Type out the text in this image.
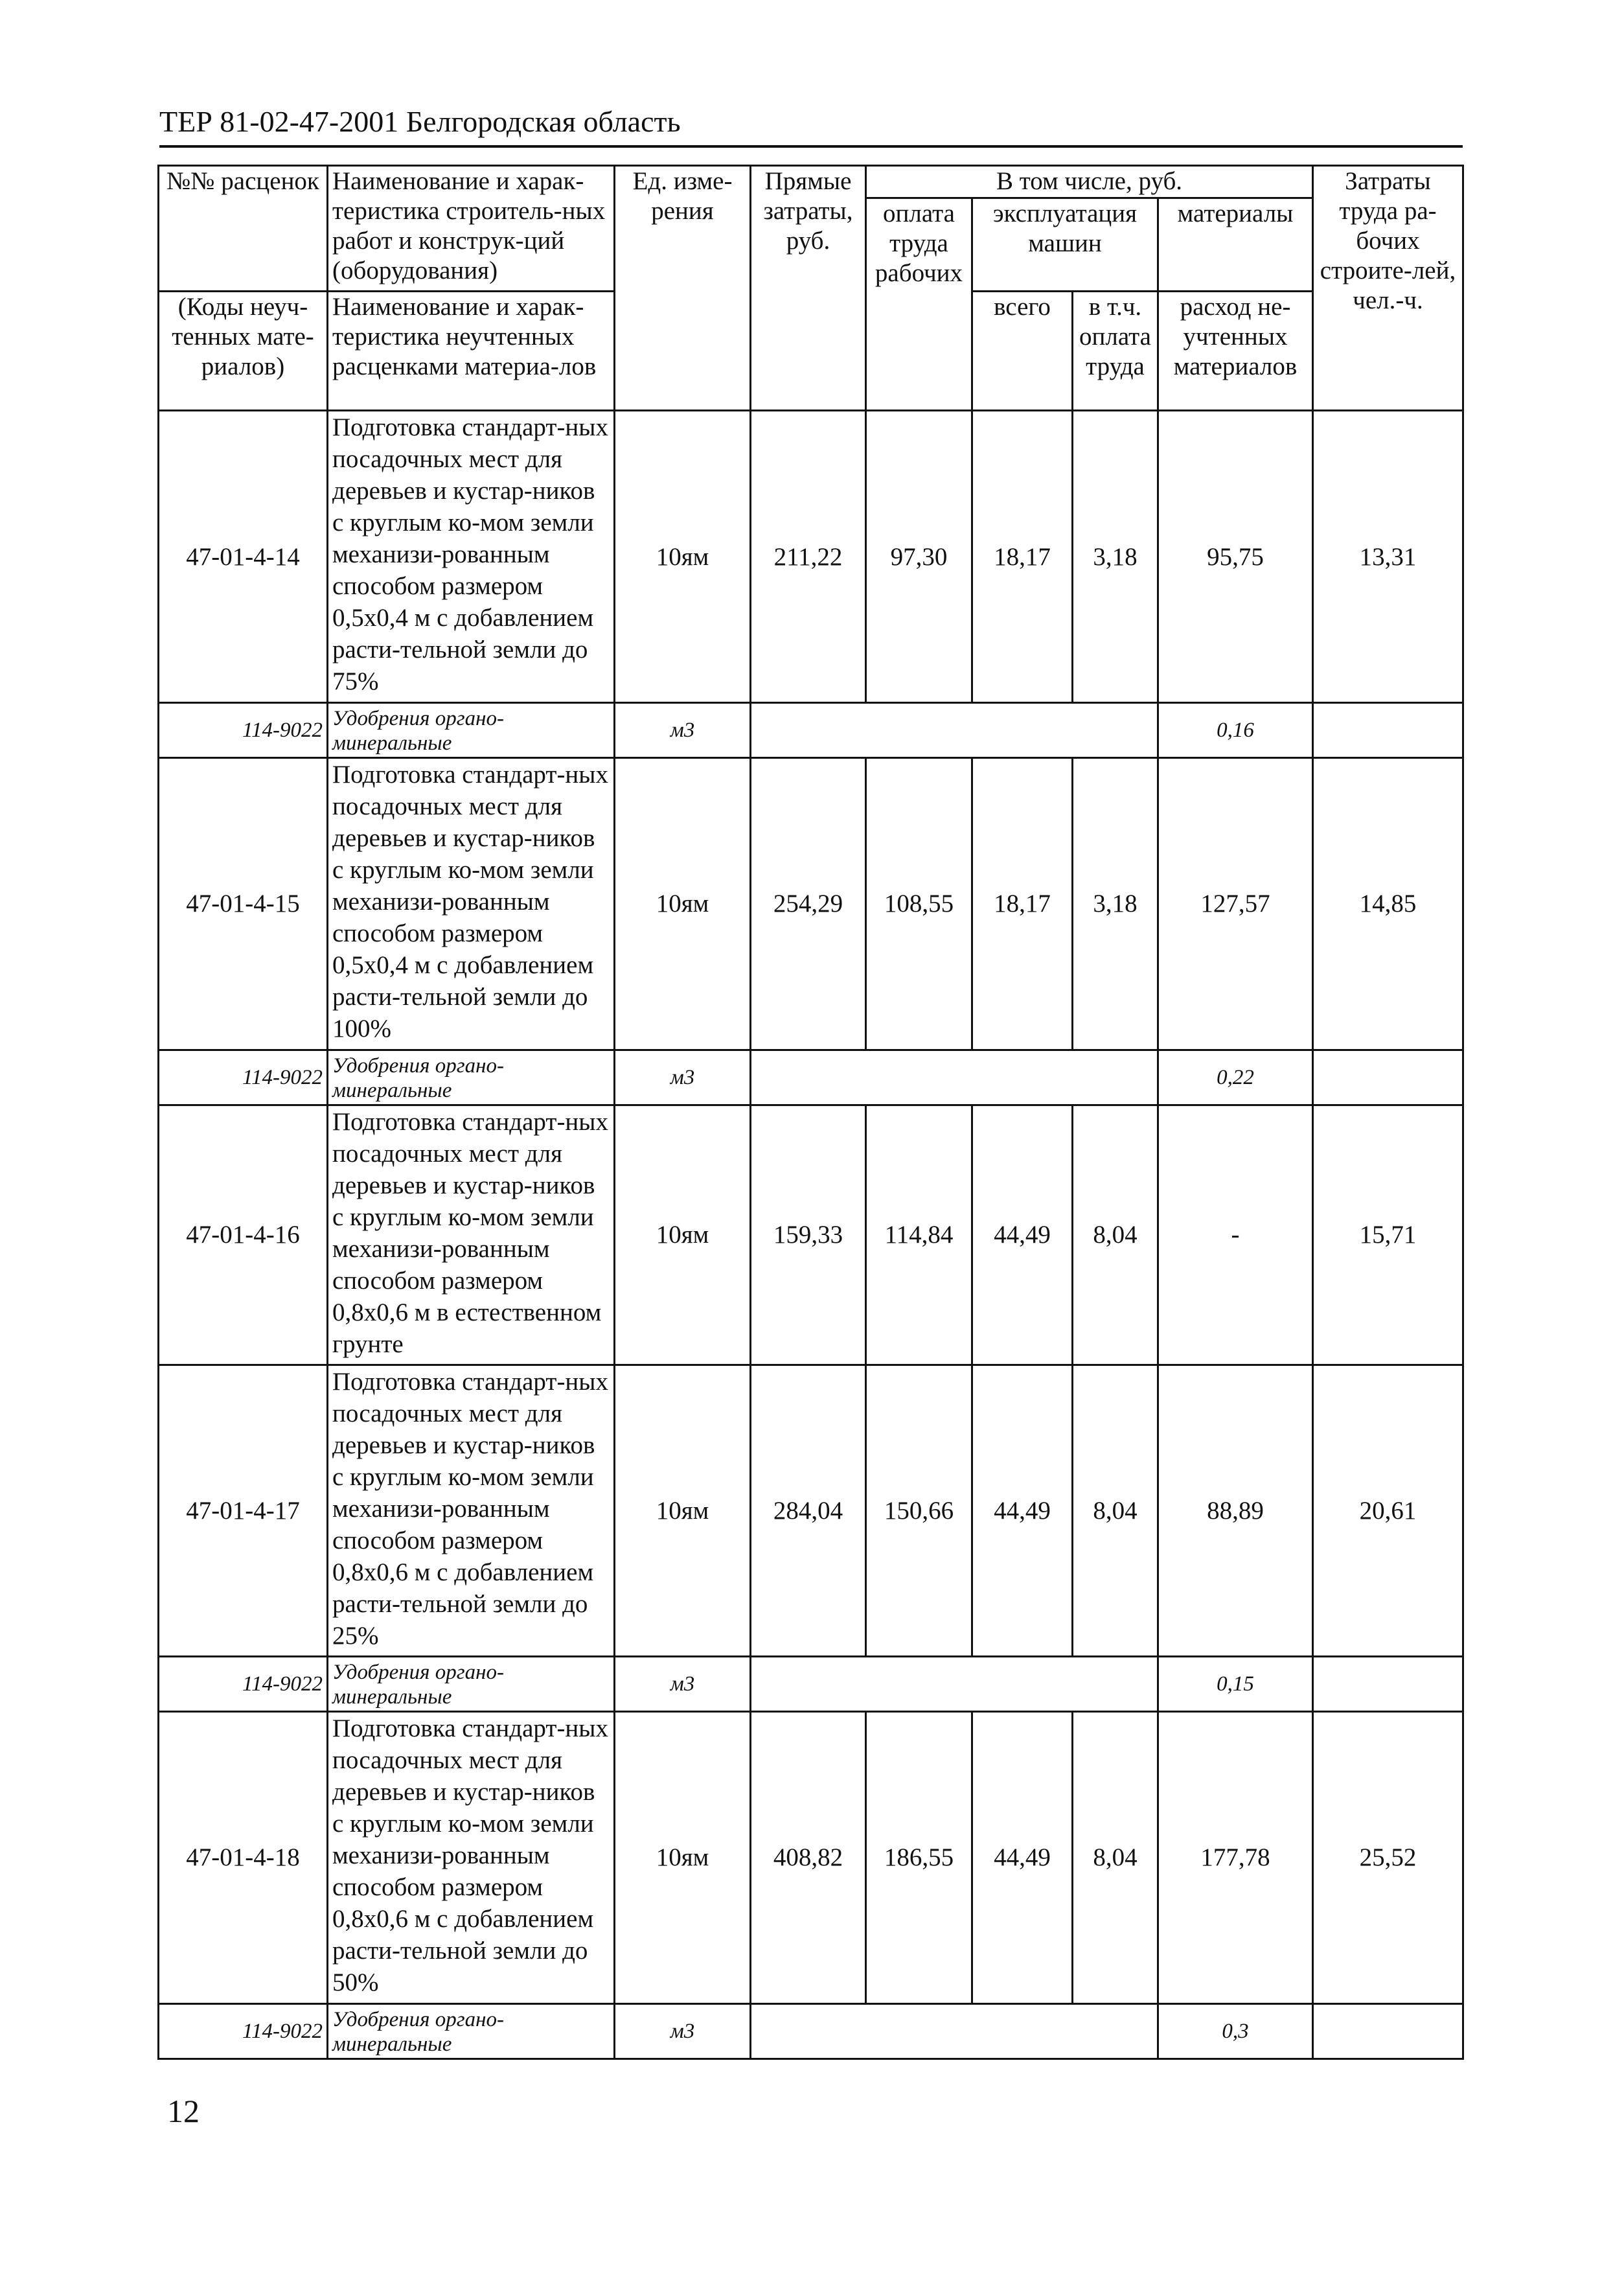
ТЕР 81-02-47-2001 Белгородская область
№№ расценок	Наименование и харак-теристика строитель-ных работ и конструк-ций (оборудования)	Ед. изме-рения	Прямые затраты, руб.	В том числе, руб.				Затраты труда ра-бочих строите-лей, чел.-ч.
				оплата труда рабочих	эксплуатация машин		материалы	

(Коды неуч-тенных мате-риалов)	Наименование и харак-теристика неучтенных расценками материа-лов				всего	в т.ч. оплата труда	расход не-учтенных материалов	

47-01-4-14	Подготовка стандарт-ных посадочных мест для деревьев и кустар-ников с круглым ко-мом земли механизи-рованным способом размером 0,5х0,4 м с добавлением расти-тельной земли до 75%	10ям	211,22	97,30	18,17	3,18	95,75	13,31
114-9022	Удобрения органо-минеральные	м3					0,16	
47-01-4-15	Подготовка стандарт-ных посадочных мест для деревьев и кустар-ников с круглым ко-мом земли механизи-рованным способом размером 0,5х0,4 м с добавлением расти-тельной земли до 100%	10ям	254,29	108,55	18,17	3,18	127,57	14,85
114-9022	Удобрения органо-минеральные	м3					0,22	
47-01-4-16	Подготовка стандарт-ных посадочных мест для деревьев и кустар-ников с круглым ко-мом земли механизи-рованным способом размером 0,8х0,6 м в естественном грунте	10ям	159,33	114,84	44,49	8,04	-	15,71
47-01-4-17	Подготовка стандарт-ных посадочных мест для деревьев и кустар-ников с круглым ко-мом земли механизи-рованным способом размером 0,8х0,6 м с добавлением расти-тельной земли до 25%	10ям	284,04	150,66	44,49	8,04	88,89	20,61
114-9022	Удобрения органо-минеральные	м3					0,15	
47-01-4-18	Подготовка стандарт-ных посадочных мест для деревьев и кустар-ников с круглым ко-мом земли механизи-рованным способом размером 0,8х0,6 м с добавлением расти-тельной земли до 50%	10ям	408,82	186,55	44,49	8,04	177,78	25,52
114-9022	Удобрения органо-минеральные	м3					0,3	
12
